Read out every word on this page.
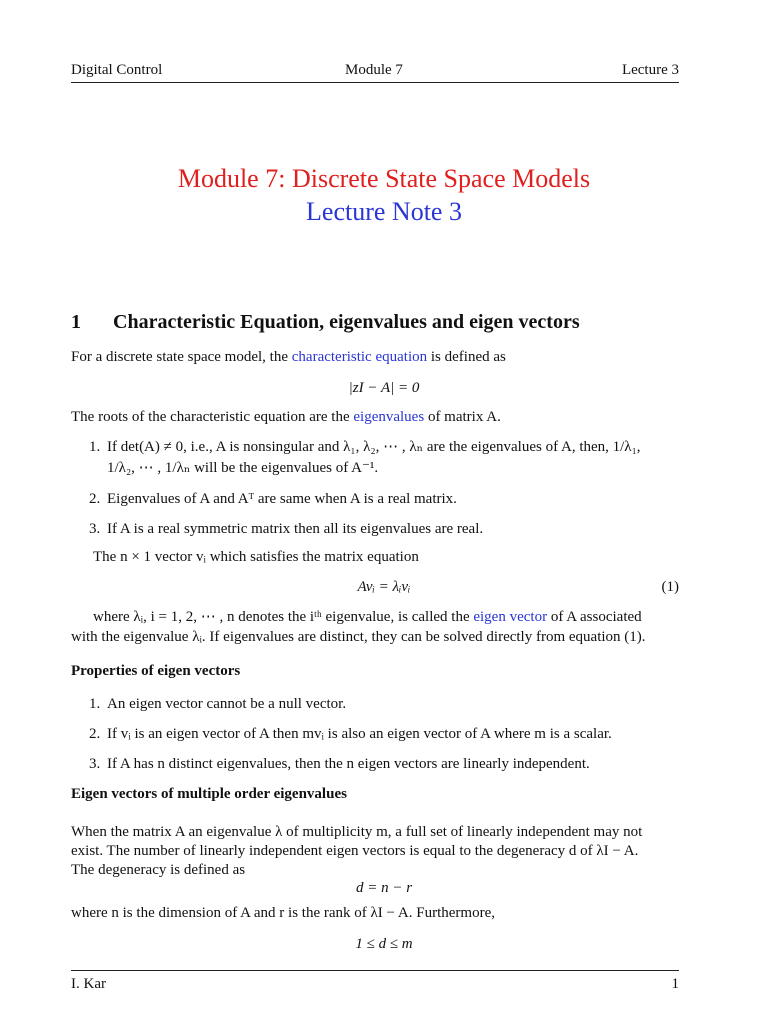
Digital Control	Module 7	Lecture 3
Module 7: Discrete State Space Models
Lecture Note 3
1 Characteristic Equation, eigenvalues and eigen vectors
For a discrete state space model, the characteristic equation is defined as
|zI − A| = 0
The roots of the characteristic equation are the eigenvalues of matrix A.
1. If det(A) ≠ 0, i.e., A is nonsingular and λ₁, λ₂, ⋯ , λₙ are the eigenvalues of A, then, 1/λ₁,
1/λ₂, ⋯ , 1/λₙ will be the eigenvalues of A⁻¹.
2. Eigenvalues of A and Aᵀ are same when A is a real matrix.
3. If A is a real symmetric matrix then all its eigenvalues are real.
The n × 1 vector vᵢ which satisfies the matrix equation
Avᵢ = λᵢvᵢ	(1)
where λᵢ, i = 1, 2, ⋯ , n denotes the iᵗʰ eigenvalue, is called the eigen vector of A associated
with the eigenvalue λᵢ. If eigenvalues are distinct, they can be solved directly from equation (1).
Properties of eigen vectors
1. An eigen vector cannot be a null vector.
2. If vᵢ is an eigen vector of A then mvᵢ is also an eigen vector of A where m is a scalar.
3. If A has n distinct eigenvalues, then the n eigen vectors are linearly independent.
Eigen vectors of multiple order eigenvalues
When the matrix A an eigenvalue λ of multiplicity m, a full set of linearly independent may not
exist. The number of linearly independent eigen vectors is equal to the degeneracy d of λI − A.
The degeneracy is defined as
d = n − r
where n is the dimension of A and r is the rank of λI − A. Furthermore,
1 ≤ d ≤ m
I. Kar	1
